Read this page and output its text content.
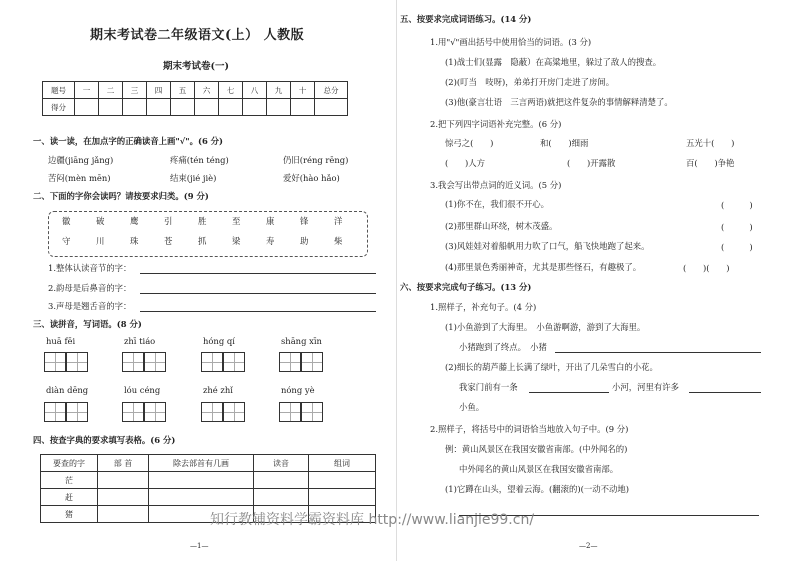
期末考试卷二年级语文(上） 人教版
期末考试卷(一)
题号	一	二	三	四	五	六	七	八	九	十	总分
得分											
一、读一读，在加点字的正确读音上画"√"。(6 分)
边疆(jiāng jǎng)	疼痛(tén téng)	仍旧(réng rēng)
苦闷(mèn mēn)	结束(jié jiè)	爱好(hào hǎo)
二、下面的字你会读吗？请按要求归类。(9 分)
徽	破	鹰	引	胜	至	康	锋	洋
守	川	珠	苍	抓	梁	寿	助	柴
1.整体认读音节的字：
2.韵母是后鼻音的字：
3.声母是翘舌音的字：
三、读拼音，写词语。(8 分)
huā fēi	zhī tiáo	hóng qí	shāng xīn
diàn dēng	lóu céng	zhé zhǐ	nóng yè
四、按查字典的要求填写表格。(6 分)
要查的字	部 首	除去部首有几画	读音	组词
茫				
赶				
猪				
—1—
五、按要求完成词语练习。(14 分)
1.用"√"画出括号中使用恰当的词语。(3 分)
(1)战士们(显露　隐蔽）在高粱地里，躲过了敌人的搜查。
(2)(叮当　吱呀)，弟弟打开房门走进了房间。
(3)他(豪言壮语　三言两语)就把这件复杂的事情解释清楚了。
2.把下列四字词语补充完整。(6 分)
惊弓之(　　)	和(　　)细雨	五光十(　　)
(　　)人方	(　　)开露散	百(　　)争艳
3.我会写出带点词的近义词。(5 分)
(1)你不在，我们很不开心。	(　　　)
(2)那里群山环绕，树木茂盛。	(　　　)
(3)风娃娃对着船帆用力吹了口气，船飞快地跑了起来。	(　　　)
(4)那里景色秀丽神奇，尤其是那些怪石，有趣极了。	(　　)(　　)
六、按要求完成句子练习。(13 分)
1.照样子，补充句子。(4 分)
(1)小鱼游到了大海里。　小鱼游啊游，游到了大海里。
小猪跑到了终点。　小猪
(2)细长的葫芦藤上长满了绿叶，开出了几朵雪白的小花。
我家门前有一条	小河，河里有许多
小鱼。
2.照样子，将括号中的词语恰当地放入句子中。(9 分)
例：黄山风景区在我国安徽省南部。(中外闻名的)
中外闻名的黄山风景区在我国安徽省南部。
(1)它蹲在山头，望着云海。(翻滚的)(一动不动地)
—2—
知行教辅资料学霸资料库 http://www.lianjie99.cn/
